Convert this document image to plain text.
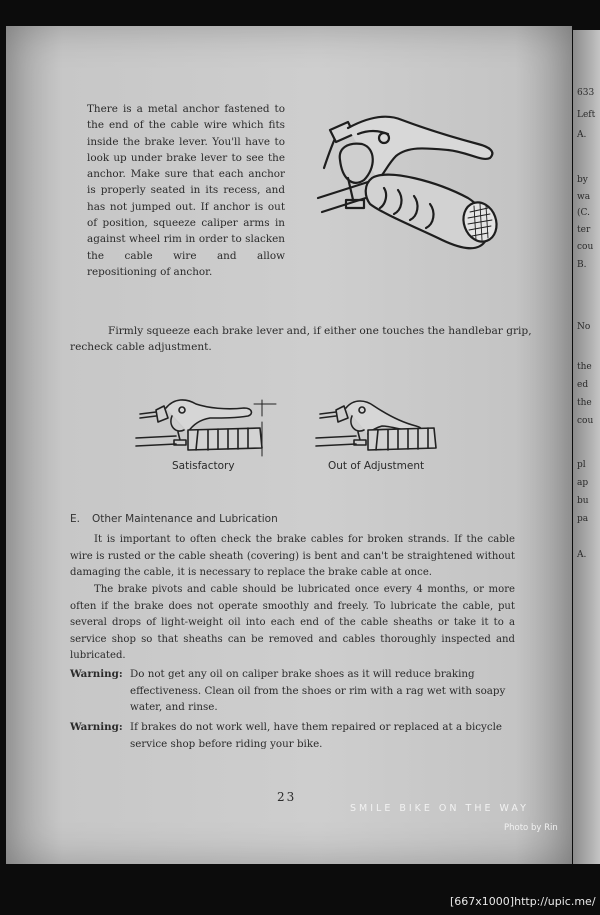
633
Left
A.
by
wa
(C.
ter
cou
B.
No
the
ed
the
cou
pl
ap
bu
pa
A.
There is a metal anchor fastened to the end of the cable wire which fits inside the brake lever. You'll have to look up under brake lever to see the anchor. Make sure that each anchor is properly seated in its recess, and has not jumped out. If anchor is out of position, squeeze caliper arms in against wheel rim in order to slacken the cable wire and allow repositioning of anchor.
Firmly squeeze each brake lever and, if either one touches the handlebar grip, recheck cable adjustment.
Satisfactory	Out of Adjustment
E. Other Maintenance and Lubrication
It is important to often check the brake cables for broken strands. If the cable wire is rusted or the cable sheath (covering) is bent and can't be straightened without damaging the cable, it is necessary to replace the brake cable at once.
The brake pivots and cable should be lubricated once every 4 months, or more often if the brake does not operate smoothly and freely. To lubricate the cable, put several drops of light-weight oil into each end of the cable sheaths or take it to a service shop so that sheaths can be removed and cables thoroughly inspected and lubricated.
Warning: Do not get any oil on caliper brake shoes as it will reduce braking effectiveness. Clean oil from the shoes or rim with a rag wet with soapy water, and rinse.
Warning: If brakes do not work well, have them repaired or replaced at a bicycle service shop before riding your bike.
23
SMILE BIKE ON THE WAY
Photo by Rin
[667x1000]http://upic.me/
